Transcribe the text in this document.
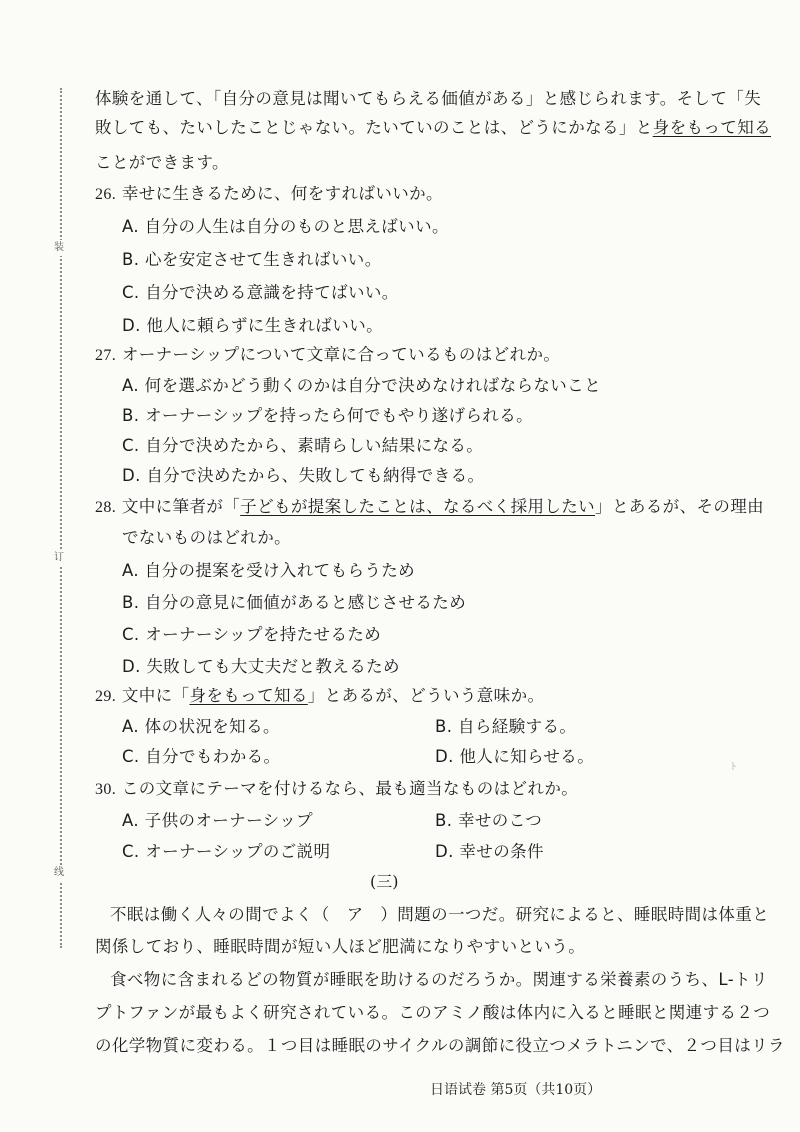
装
订
线
体験を通して、「自分の意見は聞いてもらえる価値がある」と感じられます。そして「失
敗しても、たいしたことじゃない。たいていのことは、どうにかなる」と身をもって知る
ことができます。
26. 幸せに生きるために、何をすればいいか。
A. 自分の人生は自分のものと思えばいい。
B. 心を安定させて生きればいい。
C. 自分で決める意識を持てばいい。
D. 他人に頼らずに生きればいい。
27. オーナーシップについて文章に合っているものはどれか。
A. 何を選ぶかどう動くのかは自分で決めなければならないこと
B. オーナーシップを持ったら何でもやり遂げられる。
C. 自分で決めたから、素晴らしい結果になる。
D. 自分で決めたから、失敗しても納得できる。
28. 文中に筆者が「子どもが提案したことは、なるべく採用したい」とあるが、その理由
でないものはどれか。
A. 自分の提案を受け入れてもらうため
B. 自分の意見に価値があると感じさせるため
C. オーナーシップを持たせるため
D. 失敗しても大丈夫だと教えるため
29. 文中に「身をもって知る」とあるが、どういう意味か。
A. 体の状況を知る。	B. 自ら経験する。
C. 自分でもわかる。	D. 他人に知らせる。
ﾄ
30. この文章にテーマを付けるなら、最も適当なものはどれか。
A. 子供のオーナーシップ	B. 幸せのこつ
C. オーナーシップのご説明	D. 幸せの条件
(三)
不眠は働く人々の間でよく（　ア　）問題の一つだ。研究によると、睡眠時間は体重と
関係しており、睡眠時間が短い人ほど肥満になりやすいという。
食べ物に含まれるどの物質が睡眠を助けるのだろうか。関連する栄養素のうち、L-トリ
プトファンが最もよく研究されている。このアミノ酸は体内に入ると睡眠と関連する２つ
の化学物質に変わる。１つ目は睡眠のサイクルの調節に役立つメラトニンで、２つ目はリラ
日语试卷 第5页（共10页）
